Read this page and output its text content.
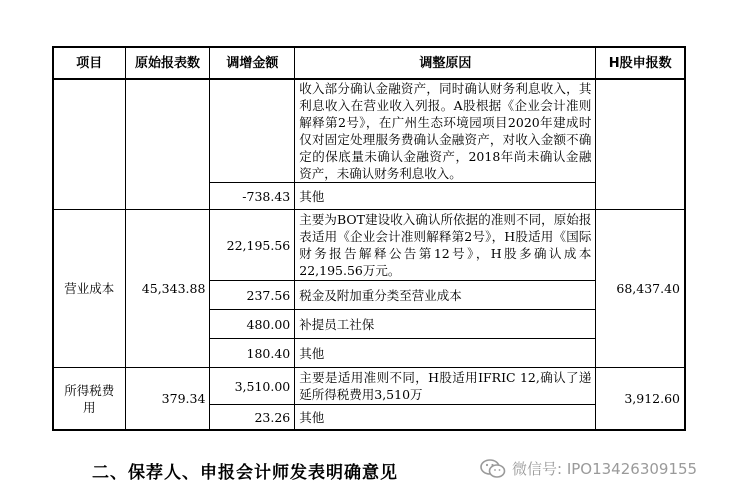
项目	原始报表数	调增金额	调整原因	H股申报数
			收入部分确认金融资产，同时确认财务利息收入，其利息收入在营业收入列报。A股根据《企业会计准则解释第2号》，在广州生态环境园项目2020年建成时仅对固定处理服务费确认金融资产，对收入金额不确定的保底量未确认金融资产，2018年尚未确认金融资产，未确认财务利息收入。	
		-738.43	其他	
营业成本	45,343.88	22,195.56	主要为BOT建设收入确认所依据的准则不同，原始报表适用《企业会计准则解释第2号》，H股适用《国际财务报告解释公告第12号》，H股多确认成本22,195.56万元。	68,437.40
		237.56	税金及附加重分类至营业成本	
		480.00	补提员工社保	
		180.40	其他	
所得税费用	379.34	3,510.00	主要是适用准则不同，H股适用IFRIC 12,确认了递延所得税费用3,510万	3,912.60
		23.26	其他	
二、保荐人、申报会计师发表明确意见	微信号: IPO13426309155
